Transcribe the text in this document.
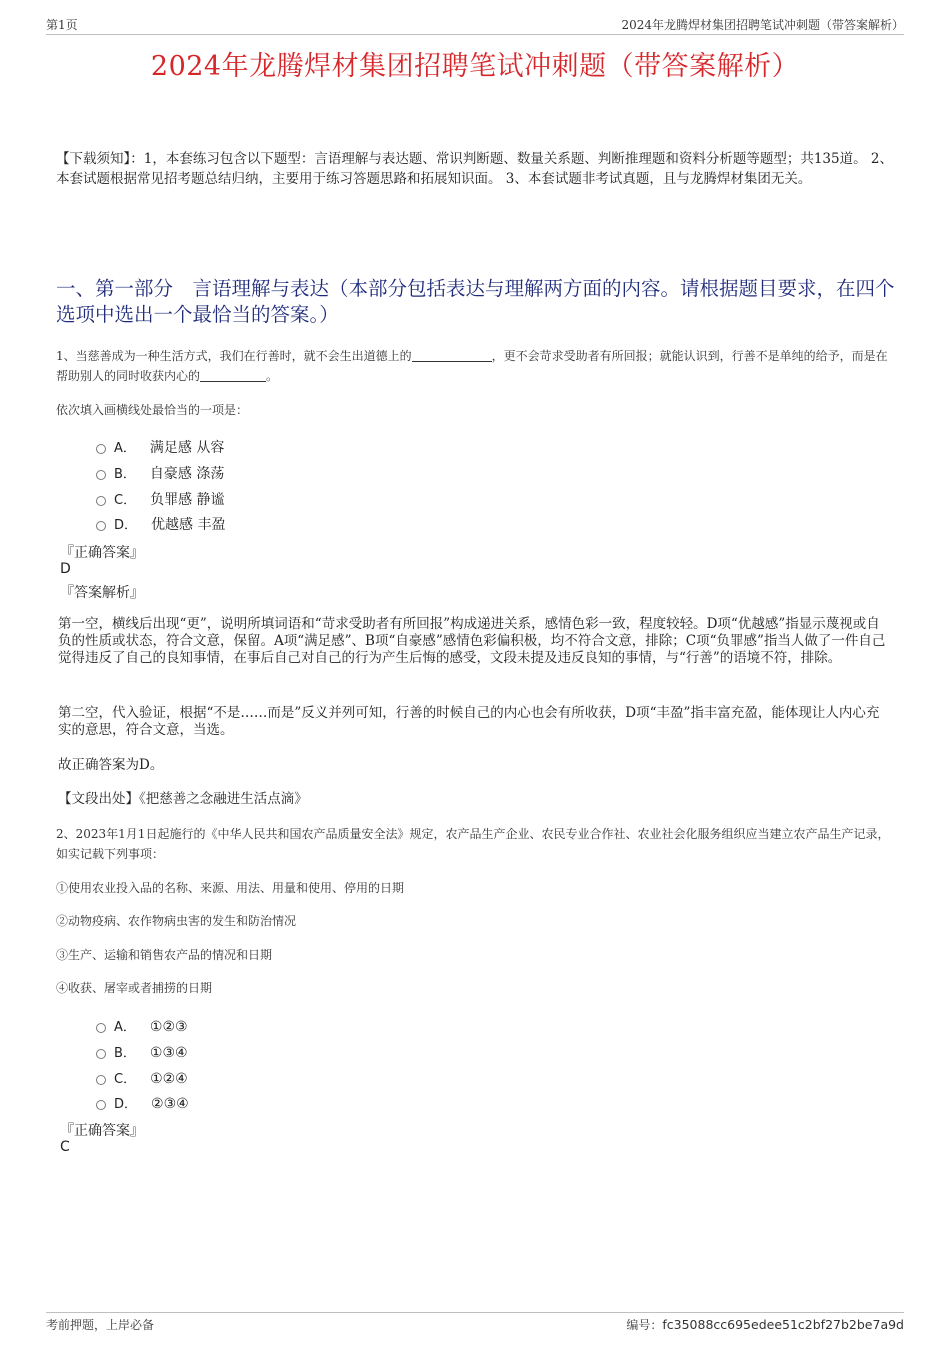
第1页	2024年龙腾焊材集团招聘笔试冲刺题（带答案解析）
2024年龙腾焊材集团招聘笔试冲刺题（带答案解析）
【下载须知】：1，本套练习包含以下题型：言语理解与表达题、常识判断题、数量关系题、判断推理题和资料分析题等题型；共135道。 2、本套试题根据常见招考题总结归纳，主要用于练习答题思路和拓展知识面。 3、本套试题非考试真题，且与龙腾焊材集团无关。
一、第一部分　言语理解与表达（本部分包括表达与理解两方面的内容。请根据题目要求，在四个选项中选出一个最恰当的答案。）
1、当慈善成为一种生活方式，我们在行善时，就不会生出道德上的	，更不会苛求受助者有所回报；就能认识到，行善不是单纯的给予，而是在帮助别人的同时收获内心的	。
依次填入画横线处最恰当的一项是：
A． 满足感 从容
B． 自豪感 涤荡
C． 负罪感 静谧
D． 优越感 丰盈
『正确答案』
D
『答案解析』
第一空，横线后出现“更”，说明所填词语和“苛求受助者有所回报”构成递进关系，感情色彩一致，程度较轻。D项“优越感”指显示蔑视或自负的性质或状态，符合文意，保留。A项“满足感”、B项“自豪感”感情色彩偏积极，均不符合文意，排除；C项“负罪感”指当人做了一件自己觉得违反了自己的良知事情，在事后自己对自己的行为产生后悔的感受，文段未提及违反良知的事情，与“行善”的语境不符，排除。
第二空，代入验证，根据“不是……而是”反义并列可知，行善的时候自己的内心也会有所收获，D项“丰盈”指丰富充盈，能体现让人内心充实的意思，符合文意，当选。
故正确答案为D。
【文段出处】《把慈善之念融进生活点滴》
2、2023年1月1日起施行的《中华人民共和国农产品质量安全法》规定，农产品生产企业、农民专业合作社、农业社会化服务组织应当建立农产品生产记录，如实记载下列事项：
①使用农业投入品的名称、来源、用法、用量和使用、停用的日期
②动物疫病、农作物病虫害的发生和防治情况
③生产、运输和销售农产品的情况和日期
④收获、屠宰或者捕捞的日期
A． ①②③
B． ①③④
C． ①②④
D． ②③④
『正确答案』
C
考前押题，上岸必备	编号：fc35088cc695edee51c2bf27b2be7a9d
